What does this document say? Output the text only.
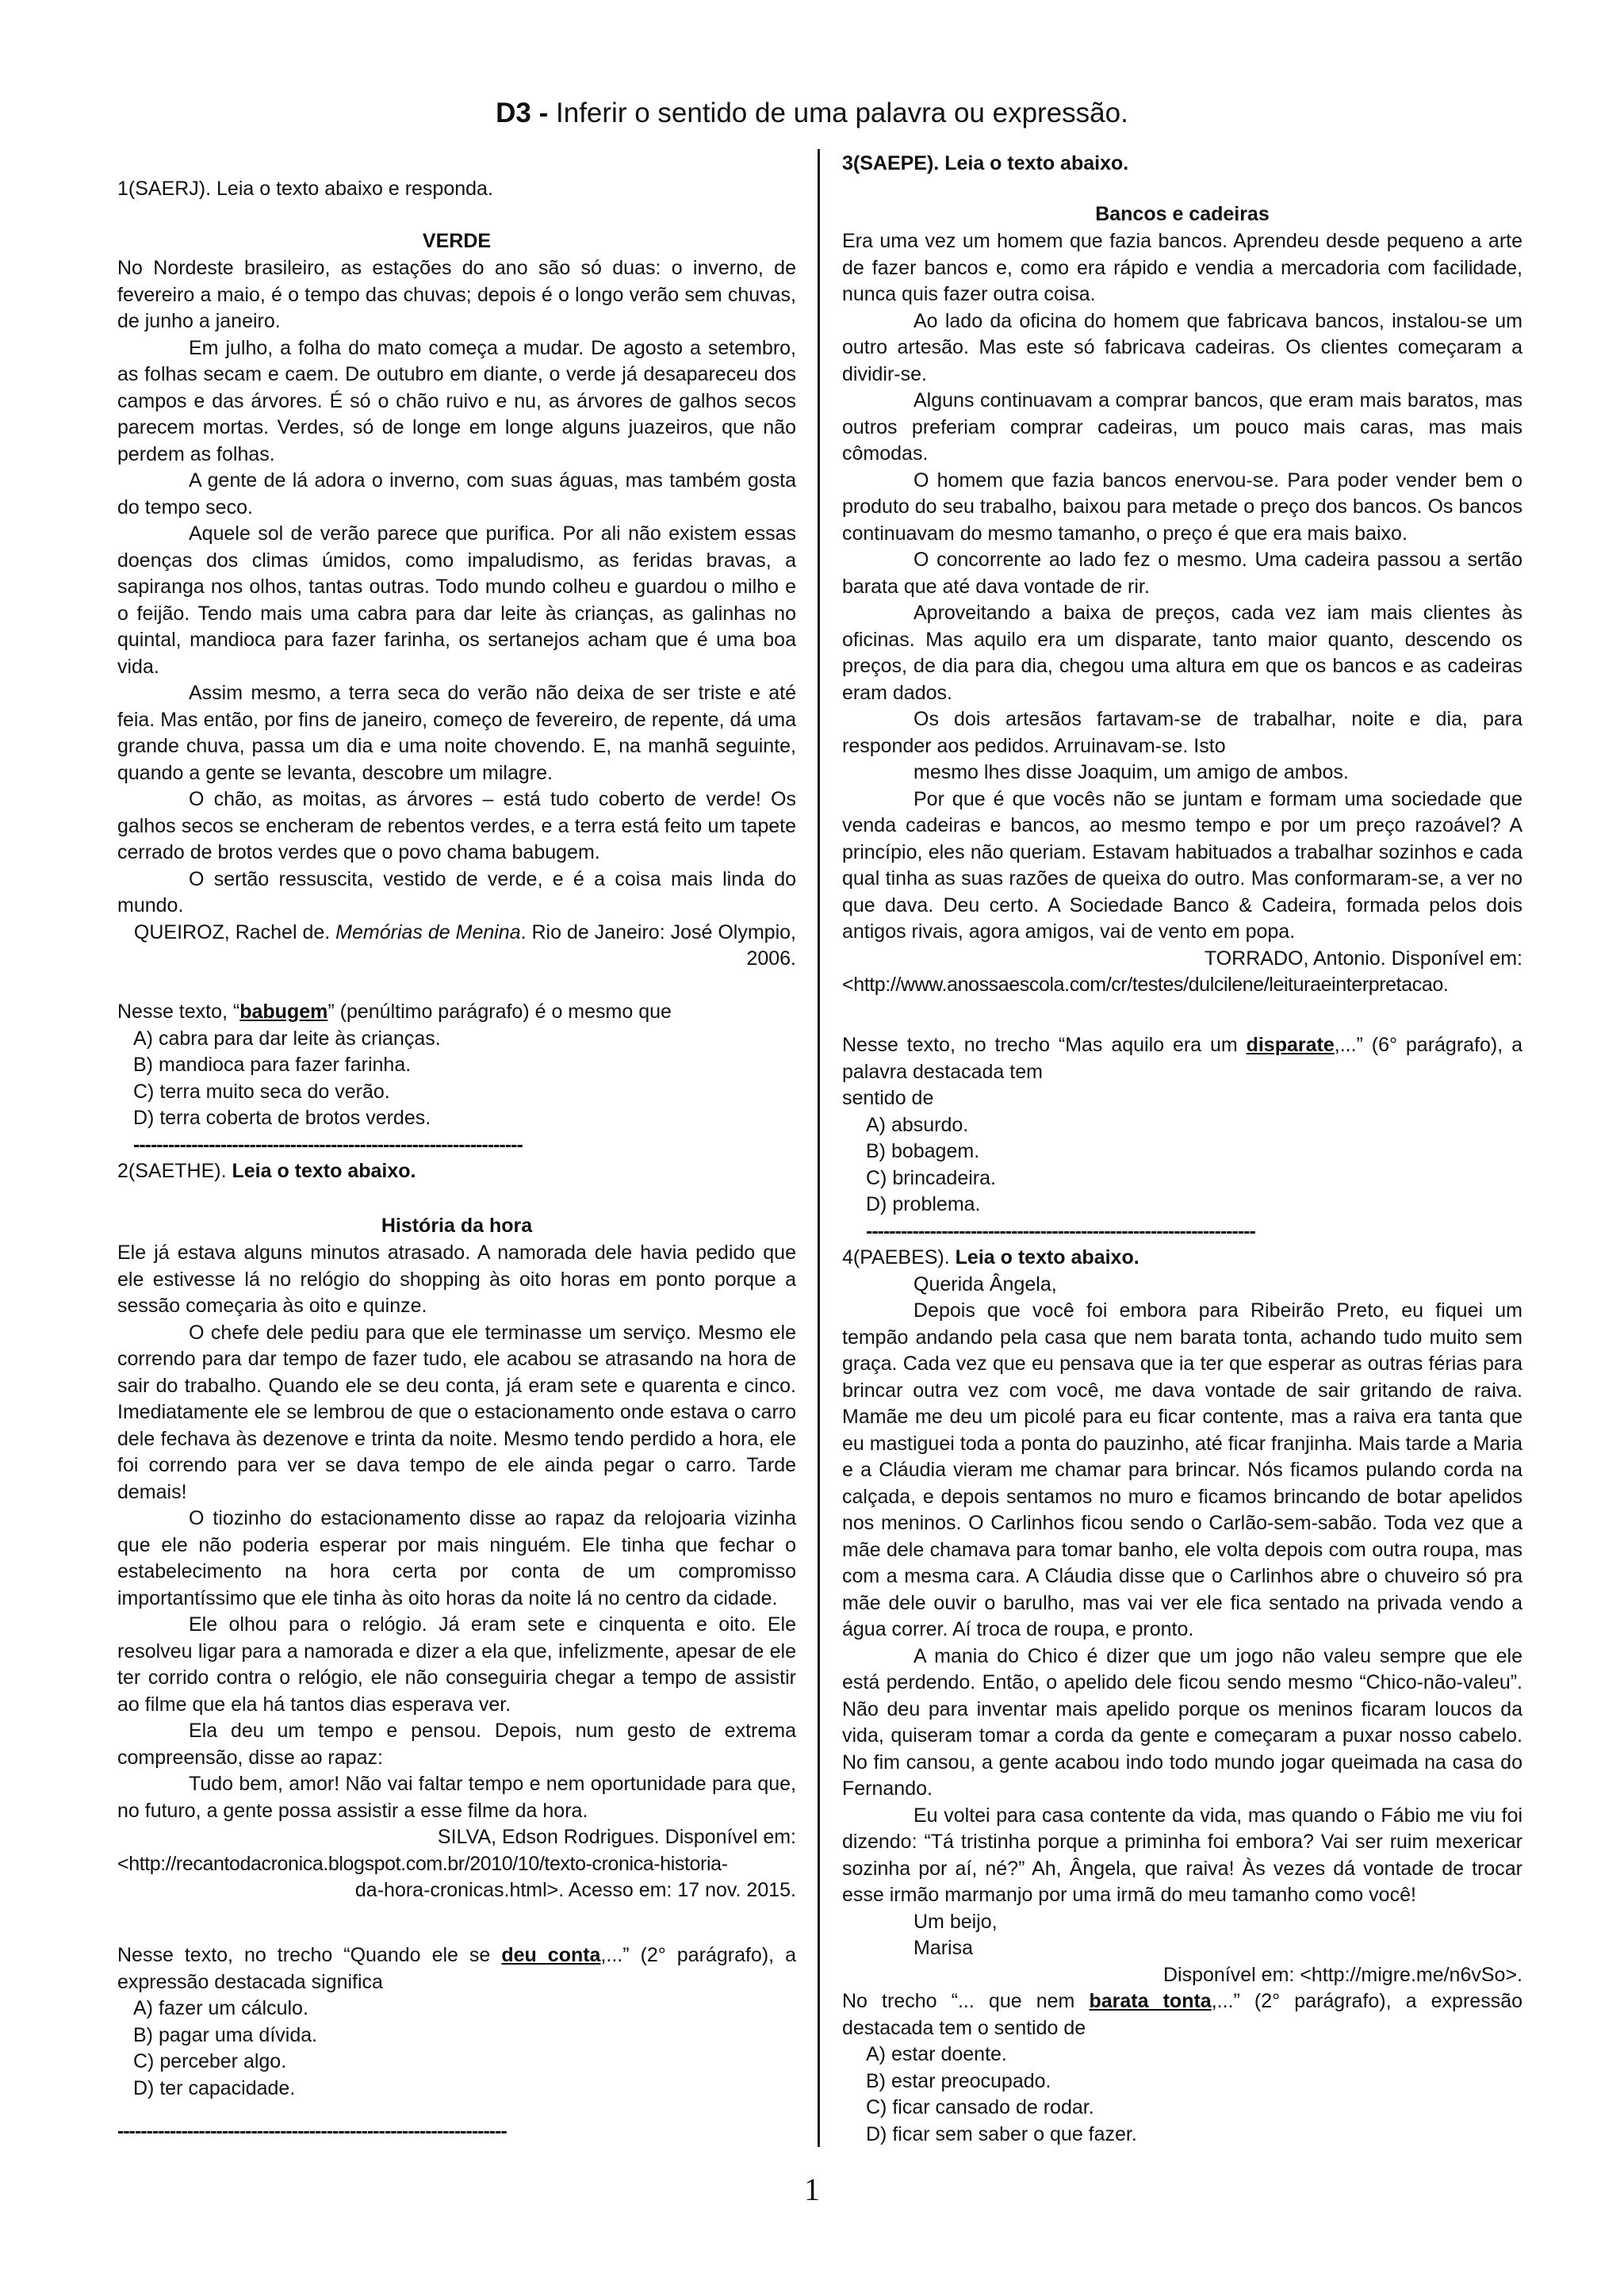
D3 - Inferir o sentido de uma palavra ou expressão.

1(SAERJ). Leia o texto abaixo e responda.

VERDE

No Nordeste brasileiro, as estações do ano são só duas: o inverno, de fevereiro a maio, é o tempo das chuvas; depois é o longo verão sem chuvas, de junho a janeiro.

Em julho, a folha do mato começa a mudar. De agosto a setembro, as folhas secam e caem. De outubro em diante, o verde já desapareceu dos campos e das árvores. É só o chão ruivo e nu, as árvores de galhos secos parecem mortas. Verdes, só de longe em longe alguns juazeiros, que não perdem as folhas.

A gente de lá adora o inverno, com suas águas, mas também gosta do tempo seco.

Aquele sol de verão parece que purifica. Por ali não existem essas doenças dos climas úmidos, como impaludismo, as feridas bravas, a sapiranga nos olhos, tantas outras. Todo mundo colheu e guardou o milho e o feijão. Tendo mais uma cabra para dar leite às crianças, as galinhas no quintal, mandioca para fazer farinha, os sertanejos acham que é uma boa vida.

Assim mesmo, a terra seca do verão não deixa de ser triste e até feia. Mas então, por fins de janeiro, começo de fevereiro, de repente, dá uma grande chuva, passa um dia e uma noite chovendo. E, na manhã seguinte, quando a gente se levanta, descobre um milagre.

O chão, as moitas, as árvores – está tudo coberto de verde! Os galhos secos se encheram de rebentos verdes, e a terra está feito um tapete cerrado de brotos verdes que o povo chama babugem.

O sertão ressuscita, vestido de verde, e é a coisa mais linda do mundo.

QUEIROZ, Rachel de. Memórias de Menina. Rio de Janeiro: José Olympio, 2006.

Nesse texto, “babugem” (penúltimo parágrafo) é o mesmo que

A) cabra para dar leite às crianças.

B) mandioca para fazer farinha.

C) terra muito seca do verão.

D) terra coberta de brotos verdes.

-------------------------------------------------------------------

2(SAETHE). Leia o texto abaixo.

História da hora

Ele já estava alguns minutos atrasado. A namorada dele havia pedido que ele estivesse lá no relógio do shopping às oito horas em ponto porque a sessão começaria às oito e quinze.

O chefe dele pediu para que ele terminasse um serviço. Mesmo ele correndo para dar tempo de fazer tudo, ele acabou se atrasando na hora de sair do trabalho. Quando ele se deu conta, já eram sete e quarenta e cinco. Imediatamente ele se lembrou de que o estacionamento onde estava o carro dele fechava às dezenove e trinta da noite. Mesmo tendo perdido a hora, ele foi correndo para ver se dava tempo de ele ainda pegar o carro. Tarde demais!

O tiozinho do estacionamento disse ao rapaz da relojoaria vizinha que ele não poderia esperar por mais ninguém. Ele tinha que fechar o estabelecimento na hora certa por conta de um compromisso importantíssimo que ele tinha às oito horas da noite lá no centro da cidade.

Ele olhou para o relógio. Já eram sete e cinquenta e oito. Ele resolveu ligar para a namorada e dizer a ela que, infelizmente, apesar de ele ter corrido contra o relógio, ele não conseguiria chegar a tempo de assistir ao filme que ela há tantos dias esperava ver.

Ela deu um tempo e pensou. Depois, num gesto de extrema compreensão, disse ao rapaz:

Tudo bem, amor! Não vai faltar tempo e nem oportunidade para que, no futuro, a gente possa assistir a esse filme da hora.

SILVA, Edson Rodrigues. Disponível em:

<http://recantodacronica.blogspot.com.br/2010/10/texto-cronica-historia-

da-hora-cronicas.html>. Acesso em: 17 nov. 2015.

Nesse texto, no trecho “Quando ele se deu conta,...” (2° parágrafo), a expressão destacada significa

A) fazer um cálculo.

B) pagar uma dívida.

C) perceber algo.

D) ter capacidade.

-------------------------------------------------------------------

3(SAEPE). Leia o texto abaixo.

Bancos e cadeiras

Era uma vez um homem que fazia bancos. Aprendeu desde pequeno a arte de fazer bancos e, como era rápido e vendia a mercadoria com facilidade, nunca quis fazer outra coisa.

Ao lado da oficina do homem que fabricava bancos, instalou-se um outro artesão. Mas este só fabricava cadeiras. Os clientes começaram a dividir-se.

Alguns continuavam a comprar bancos, que eram mais baratos, mas outros preferiam comprar cadeiras, um pouco mais caras, mas mais cômodas.

O homem que fazia bancos enervou-se. Para poder vender bem o produto do seu trabalho, baixou para metade o preço dos bancos. Os bancos continuavam do mesmo tamanho, o preço é que era mais baixo.

O concorrente ao lado fez o mesmo. Uma cadeira passou a sertão barata que até dava vontade de rir.

Aproveitando a baixa de preços, cada vez iam mais clientes às oficinas. Mas aquilo era um disparate, tanto maior quanto, descendo os preços, de dia para dia, chegou uma altura em que os bancos e as cadeiras eram dados.

Os dois artesãos fartavam-se de trabalhar, noite e dia, para responder aos pedidos. Arruinavam-se. Isto

mesmo lhes disse Joaquim, um amigo de ambos.

Por que é que vocês não se juntam e formam uma sociedade que venda cadeiras e bancos, ao mesmo tempo e por um preço razoável? A princípio, eles não queriam. Estavam habituados a trabalhar sozinhos e cada qual tinha as suas razões de queixa do outro. Mas conformaram-se, a ver no que dava. Deu certo. A Sociedade Banco & Cadeira, formada pelos dois antigos rivais, agora amigos, vai de vento em popa.

TORRADO, Antonio. Disponível em:

<http://www.anossaescola.com/cr/testes/dulcilene/leituraeinterpretacao.

Nesse texto, no trecho “Mas aquilo era um disparate,...” (6° parágrafo), a palavra destacada tem

sentido de

A) absurdo.

B) bobagem.

C) brincadeira.

D) problema.

-------------------------------------------------------------------

4(PAEBES). Leia o texto abaixo.

Querida Ângela,

Depois que você foi embora para Ribeirão Preto, eu fiquei um tempão andando pela casa que nem barata tonta, achando tudo muito sem graça. Cada vez que eu pensava que ia ter que esperar as outras férias para brincar outra vez com você, me dava vontade de sair gritando de raiva. Mamãe me deu um picolé para eu ficar contente, mas a raiva era tanta que eu mastiguei toda a ponta do pauzinho, até ficar franjinha. Mais tarde a Maria e a Cláudia vieram me chamar para brincar. Nós ficamos pulando corda na calçada, e depois sentamos no muro e ficamos brincando de botar apelidos nos meninos. O Carlinhos ficou sendo o Carlão-sem-sabão. Toda vez que a mãe dele chamava para tomar banho, ele volta depois com outra roupa, mas com a mesma cara. A Cláudia disse que o Carlinhos abre o chuveiro só pra mãe dele ouvir o barulho, mas vai ver ele fica sentado na privada vendo a água correr. Aí troca de roupa, e pronto.

A mania do Chico é dizer que um jogo não valeu sempre que ele está perdendo. Então, o apelido dele ficou sendo mesmo “Chico-não-valeu”. Não deu para inventar mais apelido porque os meninos ficaram loucos da vida, quiseram tomar a corda da gente e começaram a puxar nosso cabelo. No fim cansou, a gente acabou indo todo mundo jogar queimada na casa do Fernando.

Eu voltei para casa contente da vida, mas quando o Fábio me viu foi dizendo: “Tá tristinha porque a priminha foi embora? Vai ser ruim mexericar sozinha por aí, né?” Ah, Ângela, que raiva! Às vezes dá vontade de trocar esse irmão marmanjo por uma irmã do meu tamanho como você!

Um beijo,

Marisa

Disponível em: <http://migre.me/n6vSo>.

No trecho “... que nem barata tonta,...” (2° parágrafo), a expressão destacada tem o sentido de

A) estar doente.

B) estar preocupado.

C) ficar cansado de rodar.

D) ficar sem saber o que fazer.

1
